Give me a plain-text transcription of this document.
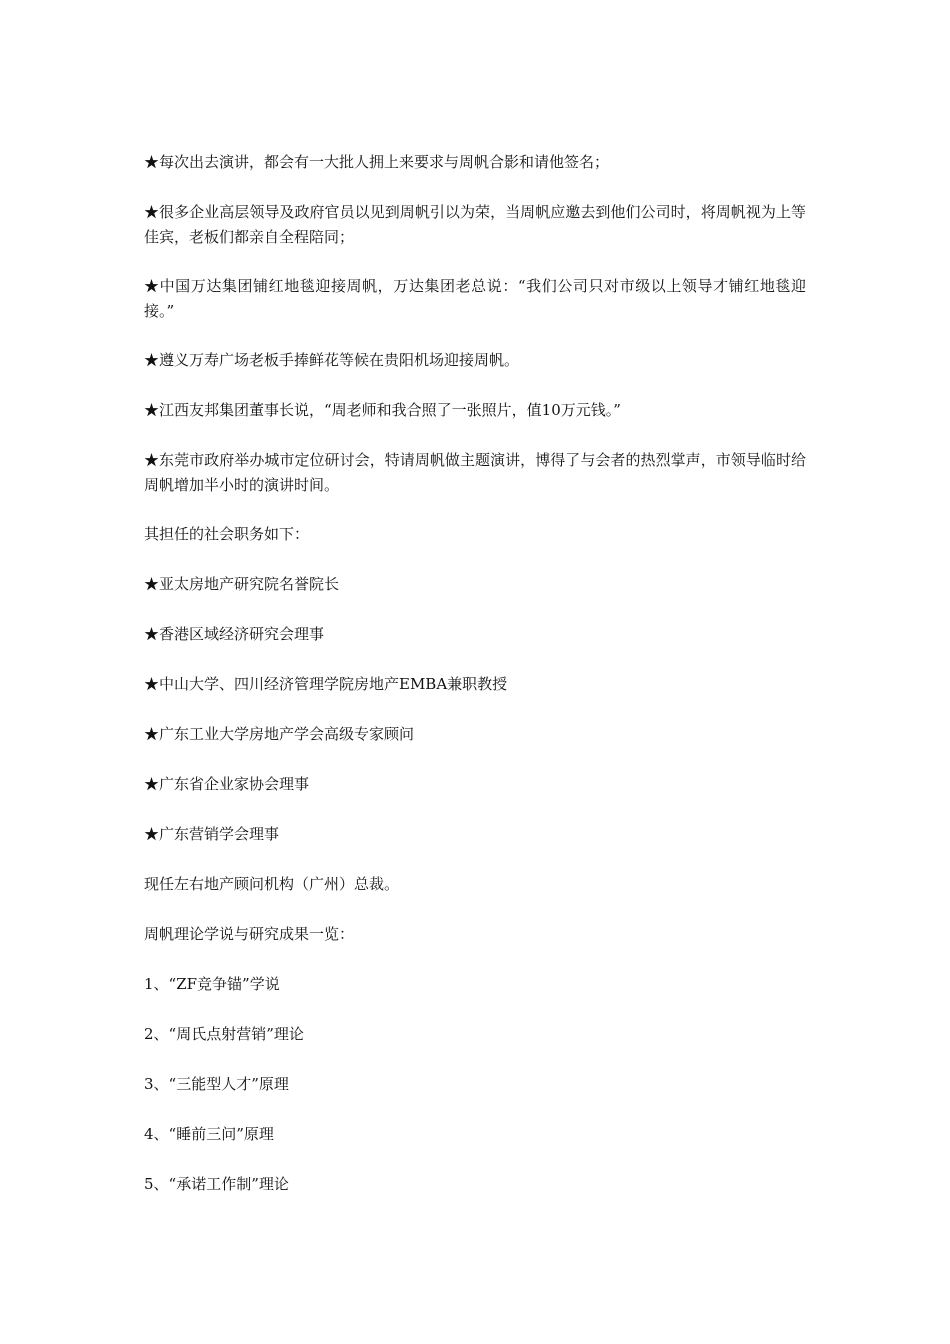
★每次出去演讲，都会有一大批人拥上来要求与周帆合影和请他签名；

★很多企业高层领导及政府官员以见到周帆引以为荣，当周帆应邀去到他们公司时，将周帆视为上等佳宾，老板们都亲自全程陪同；

★中国万达集团铺红地毯迎接周帆，万达集团老总说：“我们公司只对市级以上领导才铺红地毯迎接。”

★遵义万寿广场老板手捧鲜花等候在贵阳机场迎接周帆。

★江西友邦集团董事长说，“周老师和我合照了一张照片，值10万元钱。”

★东莞市政府举办城市定位研讨会，特请周帆做主题演讲，博得了与会者的热烈掌声，市领导临时给周帆增加半小时的演讲时间。

其担任的社会职务如下：

★亚太房地产研究院名誉院长

★香港区域经济研究会理事

★中山大学、四川经济管理学院房地产EMBA兼职教授

★广东工业大学房地产学会高级专家顾问

★广东省企业家协会理事

★广东营销学会理事

现任左右地产顾问机构（广州）总裁。

周帆理论学说与研究成果一览：

1、“ZF竞争锚”学说

2、“周氏点射营销”理论

3、“三能型人才”原理

4、“睡前三问”原理

5、“承诺工作制”理论
